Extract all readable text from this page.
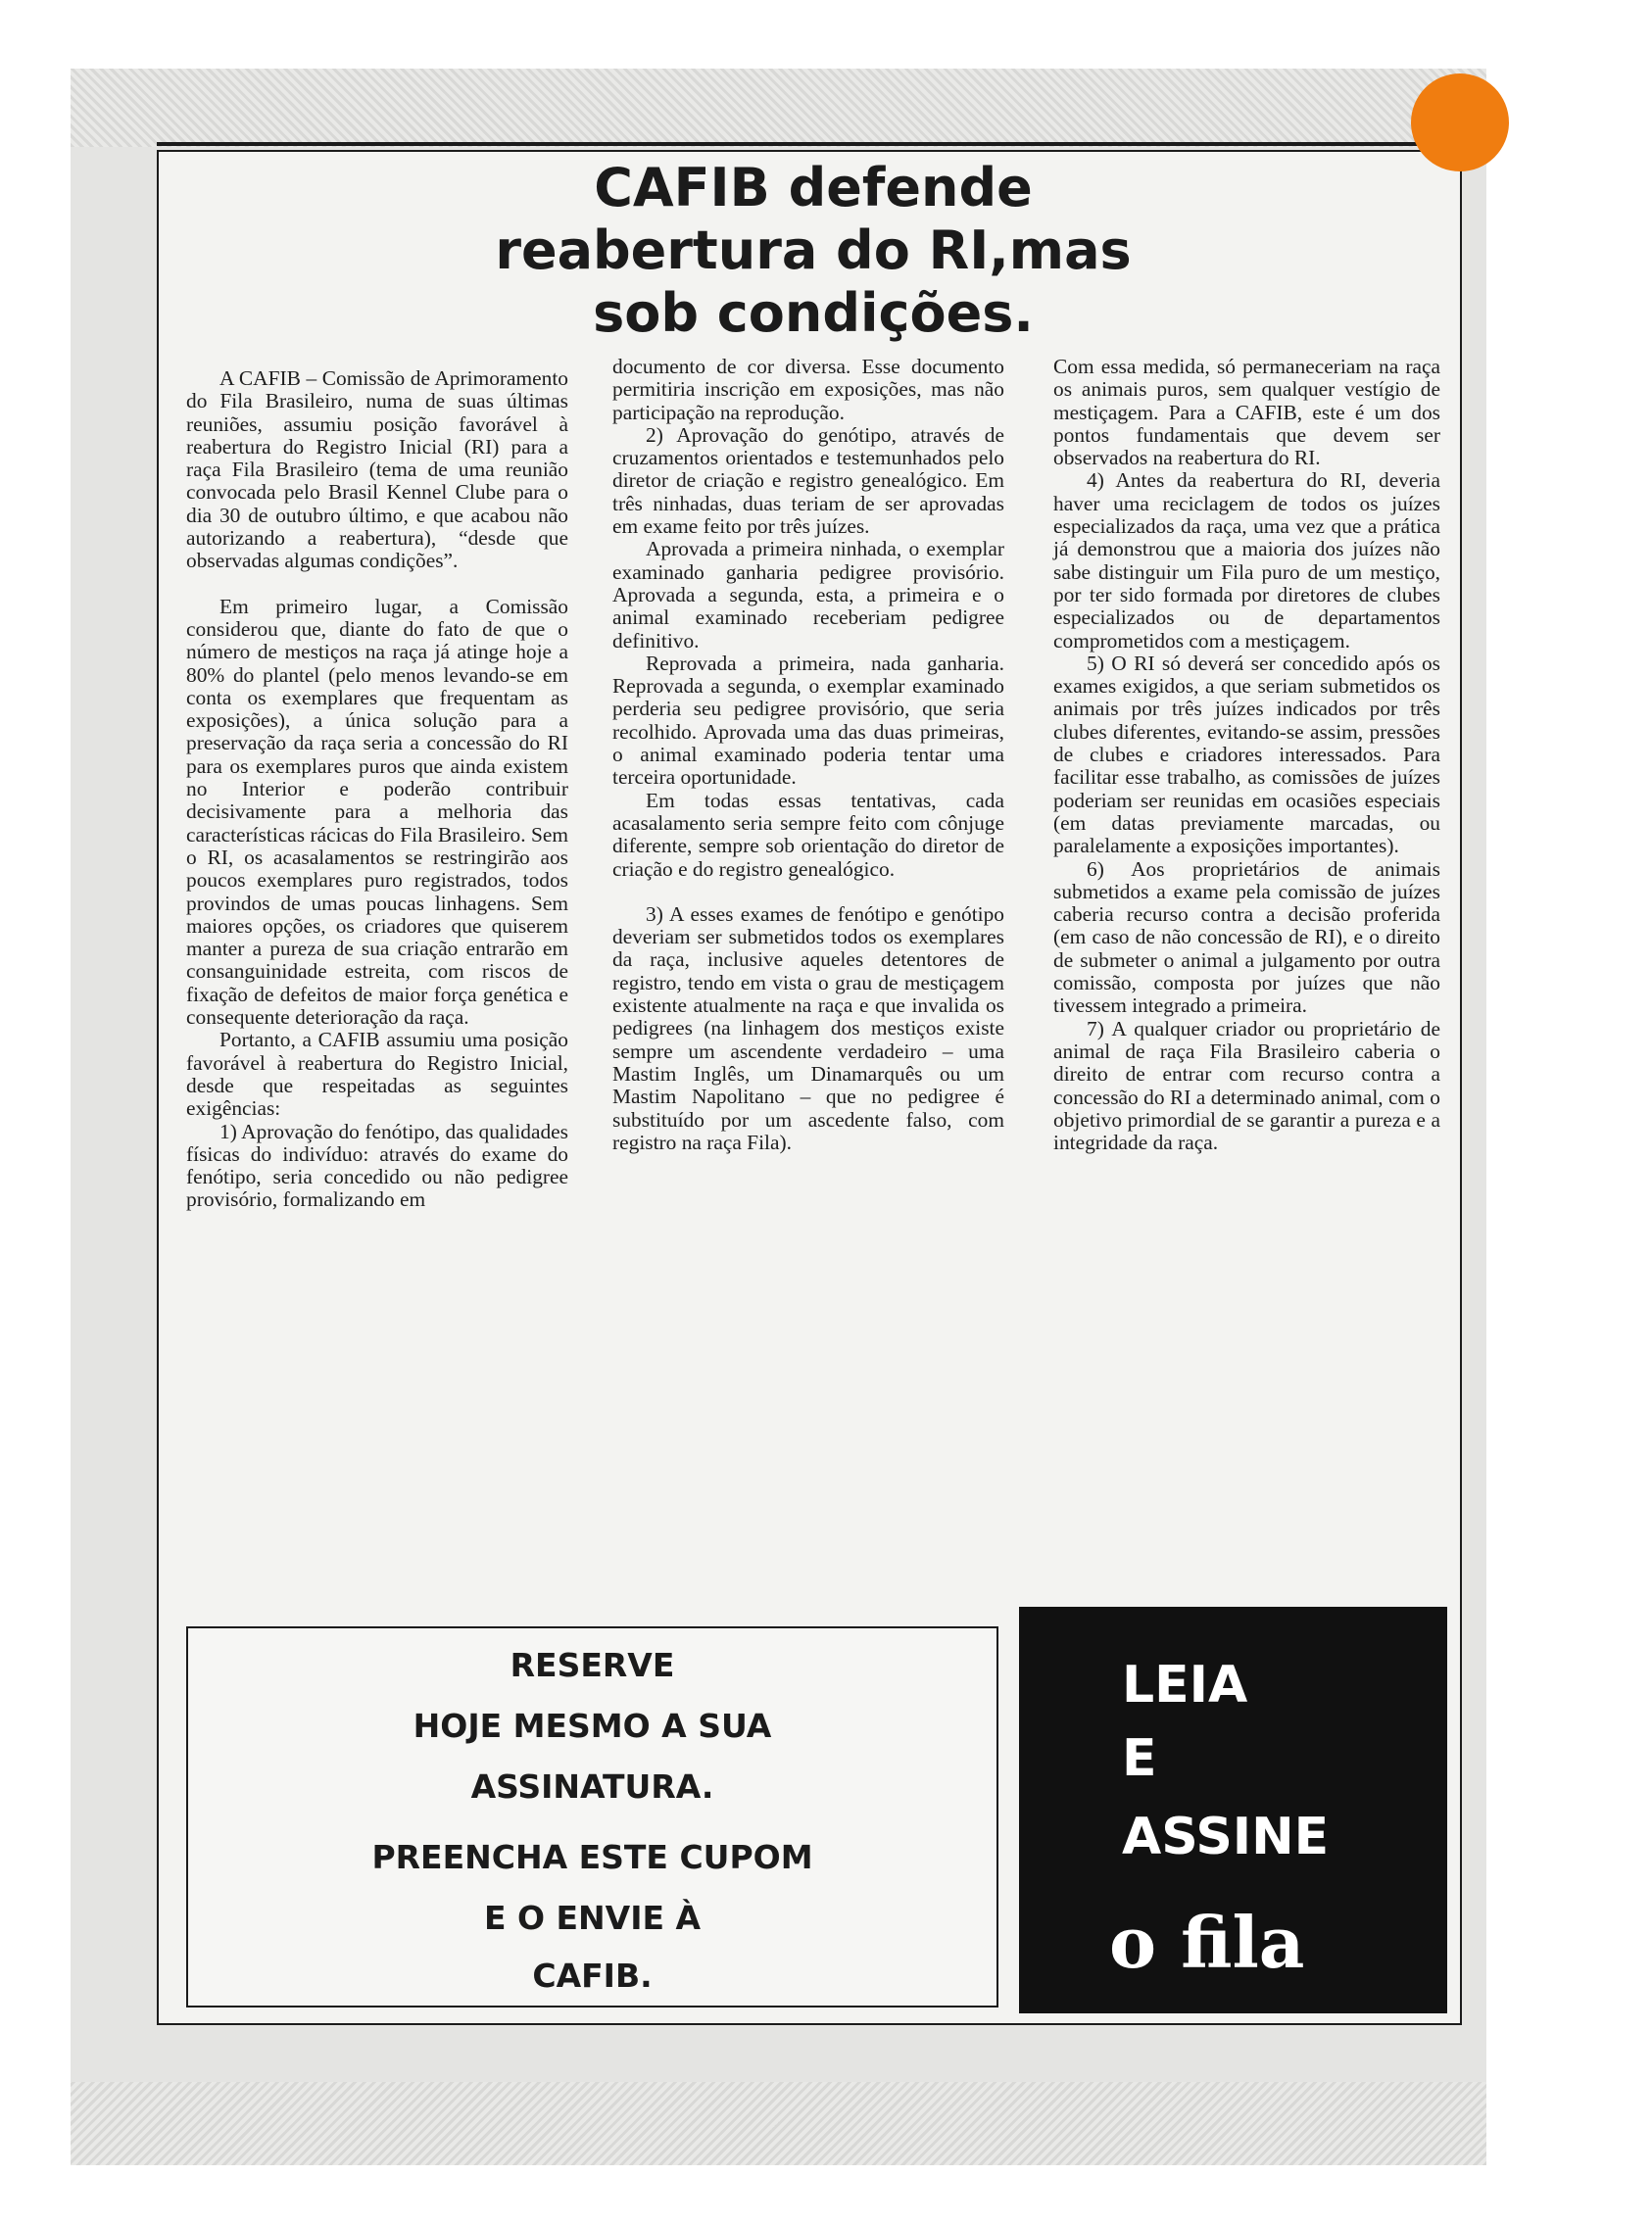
CAFIB defende
reabertura do RI,mas
sob condições.

A CAFIB – Comissão de Aprimoramento do Fila Brasileiro, numa de suas últimas reuniões, assumiu posição favorável à reabertura do Registro Inicial (RI) para a raça Fila Brasileiro (tema de uma reunião convocada pelo Brasil Kennel Clube para o dia 30 de outubro último, e que acabou não autorizando a reabertura), “desde que observadas algumas condições”.

Em primeiro lugar, a Comissão considerou que, diante do fato de que o número de mestiços na raça já atinge hoje a 80% do plantel (pelo menos levando-se em conta os exemplares que frequentam as exposições), a única solução para a preservação da raça seria a concessão do RI para os exemplares puros que ainda existem no Interior e poderão contribuir decisivamente para a melhoria das características rácicas do Fila Brasileiro. Sem o RI, os acasalamentos se restringirão aos poucos exemplares puro registrados, todos provindos de umas poucas linhagens. Sem maiores opções, os criadores que quiserem manter a pureza de sua criação entrarão em consanguinidade estreita, com riscos de fixação de defeitos de maior força genética e consequente deterioração da raça.

Portanto, a CAFIB assumiu uma posição favorável à reabertura do Registro Inicial, desde que respeitadas as seguintes exigências:

1) Aprovação do fenótipo, das qualidades físicas do indivíduo: através do exame do fenótipo, seria concedido ou não pedigree provisório, formalizando em

documento de cor diversa. Esse documento permitiria inscrição em exposições, mas não participação na reprodução.

2) Aprovação do genótipo, através de cruzamentos orientados e testemunhados pelo diretor de criação e registro genealógico. Em três ninhadas, duas teriam de ser aprovadas em exame feito por três juízes.

Aprovada a primeira ninhada, o exemplar examinado ganharia pedigree provisório. Aprovada a segunda, esta, a primeira e o animal examinado receberiam pedigree definitivo.

Reprovada a primeira, nada ganharia. Reprovada a segunda, o exemplar examinado perderia seu pedigree provisório, que seria recolhido. Aprovada uma das duas primeiras, o animal examinado poderia tentar uma terceira oportunidade.

Em todas essas tentativas, cada acasalamento seria sempre feito com cônjuge diferente, sempre sob orientação do diretor de criação e do registro genealógico.

3) A esses exames de fenótipo e genótipo deveriam ser submetidos todos os exemplares da raça, inclusive aqueles detentores de registro, tendo em vista o grau de mestiçagem existente atualmente na raça e que invalida os pedigrees (na linhagem dos mestiços existe sempre um ascendente verdadeiro – uma Mastim Inglês, um Dinamarquês ou um Mastim Napolitano – que no pedigree é substituído por um ascedente falso, com registro na raça Fila).

Com essa medida, só permaneceriam na raça os animais puros, sem qualquer vestígio de mestiçagem. Para a CAFIB, este é um dos pontos fundamentais que devem ser observados na reabertura do RI.

4) Antes da reabertura do RI, deveria haver uma reciclagem de todos os juízes especializados da raça, uma vez que a prática já demonstrou que a maioria dos juízes não sabe distinguir um Fila puro de um mestiço, por ter sido formada por diretores de clubes especializados ou de departamentos comprometidos com a mestiçagem.

5) O RI só deverá ser concedido após os exames exigidos, a que seriam submetidos os animais por três juízes indicados por três clubes diferentes, evitando-se assim, pressões de clubes e criadores interessados. Para facilitar esse trabalho, as comissões de juízes poderiam ser reunidas em ocasiões especiais (em datas previamente marcadas, ou paralelamente a exposições importantes).

6) Aos proprietários de animais submetidos a exame pela comissão de juízes caberia recurso contra a decisão proferida (em caso de não concessão de RI), e o direito de submeter o animal a julgamento por outra comissão, composta por juízes que não tivessem integrado a primeira.

7) A qualquer criador ou proprietário de animal de raça Fila Brasileiro caberia o direito de entrar com recurso contra a concessão do RI a determinado animal, com o objetivo primordial de se garantir a pureza e a integridade da raça.

RESERVE
HOJE MESMO A SUA
ASSINATURA.
PREENCHA ESTE CUPOM
E O ENVIE À
CAFIB.
LEIA
E
ASSINE
o fila
